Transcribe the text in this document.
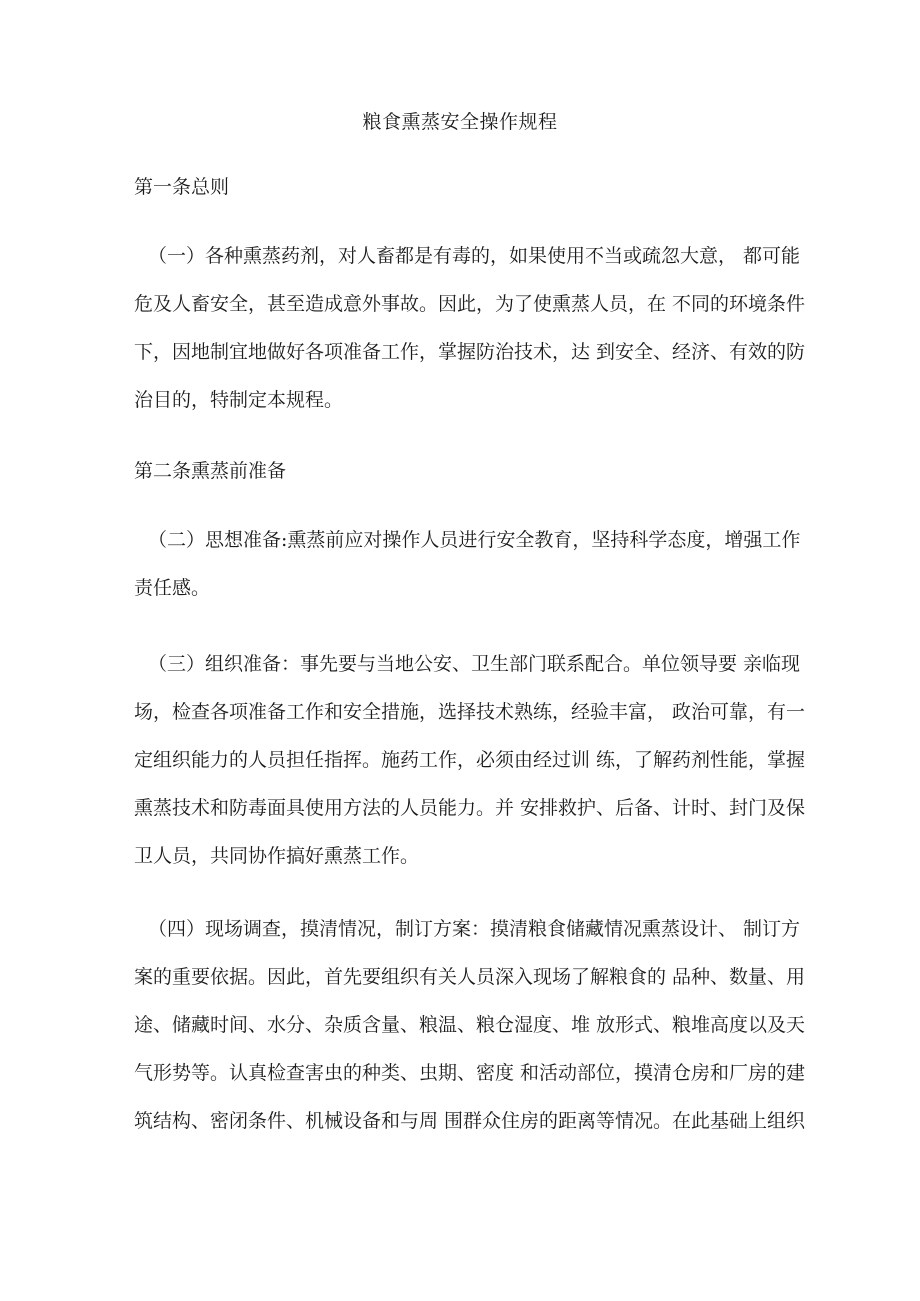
粮食熏蒸安全操作规程
第一条总则
（一）各种熏蒸药剂，对人畜都是有毒的，如果使用不当或疏忽大意， 都可能
危及人畜安全，甚至造成意外事故。因此，为了使熏蒸人员，在 不同的环境条件
下，因地制宜地做好各项准备工作，掌握防治技术，达 到安全、经济、有效的防
治目的，特制定本规程。
第二条熏蒸前准备
（二）思想准备:熏蒸前应对操作人员进行安全教育，坚持科学态度，增强工作
责任感。
（三）组织准备：事先要与当地公安、卫生部门联系配合。单位领导要 亲临现
场，检查各项准备工作和安全措施，选择技术熟练，经验丰富， 政治可靠，有一
定组织能力的人员担任指挥。施药工作，必须由经过训 练，了解药剂性能，掌握
熏蒸技术和防毒面具使用方法的人员能力。并 安排救护、后备、计时、封门及保
卫人员，共同协作搞好熏蒸工作。
（四）现场调查，摸清情况，制订方案：摸清粮食储藏情况熏蒸设计、 制订方
案的重要依据。因此，首先要组织有关人员深入现场了解粮食的 品种、数量、用
途、储藏时间、水分、杂质含量、粮温、粮仓湿度、堆 放形式、粮堆高度以及天
气形势等。认真检查害虫的种类、虫期、密度 和活动部位，摸清仓房和厂房的建
筑结构、密闭条件、机械设备和与周 围群众住房的距离等情况。在此基础上组织
